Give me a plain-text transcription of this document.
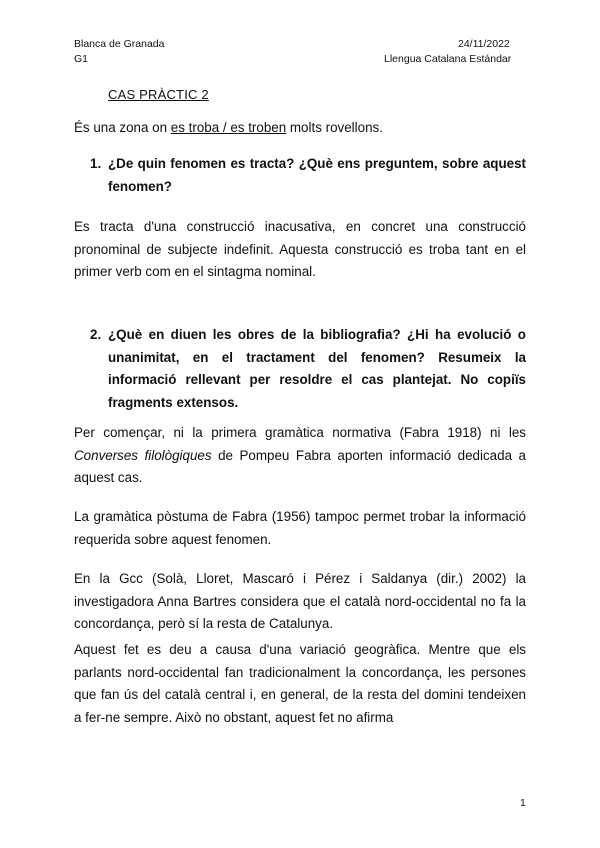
Blanca de Granada	24/11/2022
G1	Llengua Catalana Estándar
CAS PRÀCTIC 2
És una zona on es troba / es troben molts rovellons.
1. ¿De quin fenomen es tracta? ¿Què ens preguntem, sobre aquest fenomen?

Es tracta d'una construcció inacusativa, en concret una construcció pronominal de subjecte indefinit. Aquesta construcció es troba tant en el primer verb com en el sintagma nominal.

2. ¿Què en diuen les obres de la bibliografia? ¿Hi ha evolució o unanimitat, en el tractament del fenomen? Resumeix la informació rellevant per resoldre el cas plantejat. No copiïs fragments extensos.

Per començar, ni la primera gramàtica normativa (Fabra 1918) ni les Converses filològiques de Pompeu Fabra aporten informació dedicada a aquest cas.

La gramàtica pòstuma de Fabra (1956) tampoc permet trobar la informació requerida sobre aquest fenomen.

En la Gcc (Solà, Lloret, Mascaró i Pérez i Saldanya (dir.) 2002) la investigadora Anna Bartres considera que el català nord-occidental no fa la concordança, però sí la resta de Catalunya.

Aquest fet es deu a causa d'una variació geogràfica. Mentre que els parlants nord-occidental fan tradicionalment la concordança, les persones que fan ús del català central i, en general, de la resta del domini tendeixen a fer-ne sempre. Això no obstant, aquest fet no afirma

1
